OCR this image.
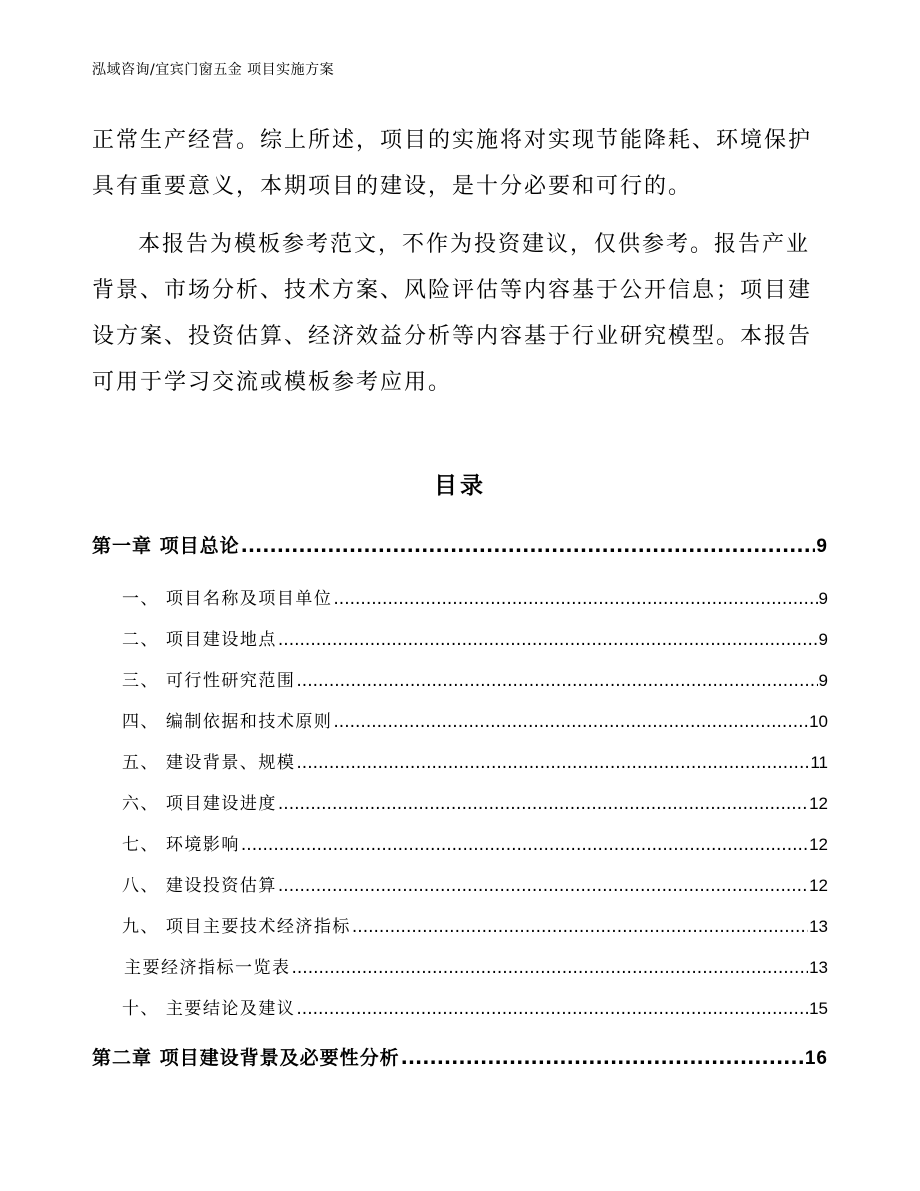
泓域咨询/宜宾门窗五金 项目实施方案
正常生产经营。综上所述，项目的实施将对实现节能降耗、环境保护具有重要意义，本期项目的建设，是十分必要和可行的。
本报告为模板参考范文，不作为投资建议，仅供参考。报告产业背景、市场分析、技术方案、风险评估等内容基于公开信息；项目建设方案、投资估算、经济效益分析等内容基于行业研究模型。本报告可用于学习交流或模板参考应用。
目录
第一章 项目总论 .....	9
一、 项目名称及项目单位 .....	9
二、 项目建设地点 .....	9
三、 可行性研究范围 .....	9
四、 编制依据和技术原则 .....	10
五、 建设背景、规模 .....	11
六、 项目建设进度 .....	12
七、 环境影响 .....	12
八、 建设投资估算 .....	12
九、 项目主要技术经济指标 .....	13
主要经济指标一览表 .....	13
十、 主要结论及建议 .....	15
第二章 项目建设背景及必要性分析 .....	16
